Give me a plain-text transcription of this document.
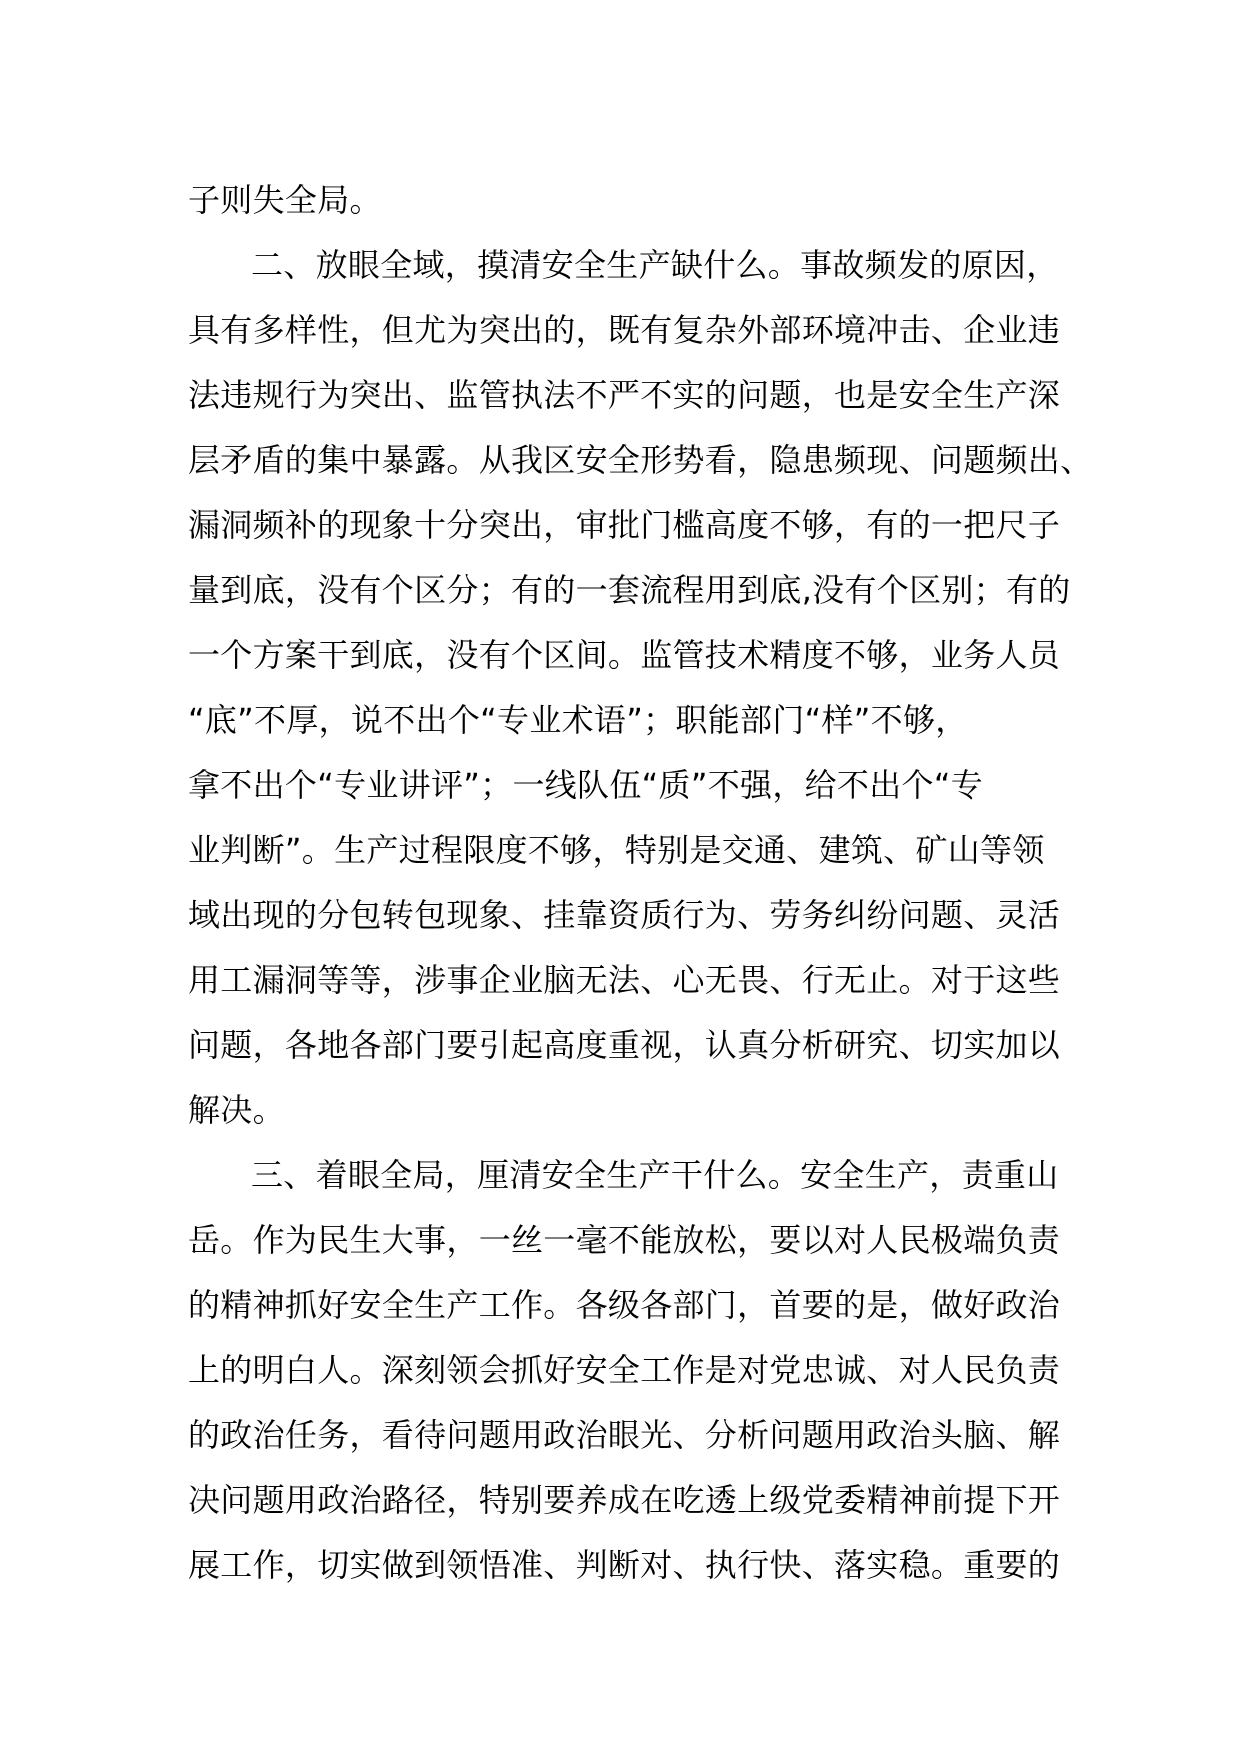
子则失全局。
二、放眼全域，摸清安全生产缺什么。事故频发的原因，
具有多样性，但尤为突出的，既有复杂外部环境冲击、企业违
法违规行为突出、监管执法不严不实的问题，也是安全生产深
层矛盾的集中暴露。从我区安全形势看，隐患频现、问题频出、
漏洞频补的现象十分突出，审批门槛高度不够，有的一把尺子
量到底，没有个区分；有的一套流程用到底,没有个区别；有的
一个方案干到底，没有个区间。监管技术精度不够，业务人员
“底”不厚，说不出个“专业术语”；职能部门“样”不够，
拿不出个“专业讲评”；一线队伍“质”不强，给不出个“专
业判断”。生产过程限度不够，特别是交通、建筑、矿山等领
域出现的分包转包现象、挂靠资质行为、劳务纠纷问题、灵活
用工漏洞等等，涉事企业脑无法、心无畏、行无止。对于这些
问题，各地各部门要引起高度重视，认真分析研究、切实加以
解决。
三、着眼全局，厘清安全生产干什么。安全生产，责重山
岳。作为民生大事，一丝一毫不能放松，要以对人民极端负责
的精神抓好安全生产工作。各级各部门，首要的是，做好政治
上的明白人。深刻领会抓好安全工作是对党忠诚、对人民负责
的政治任务，看待问题用政治眼光、分析问题用政治头脑、解
决问题用政治路径，特别要养成在吃透上级党委精神前提下开
展工作，切实做到领悟准、判断对、执行快、落实稳。重要的
